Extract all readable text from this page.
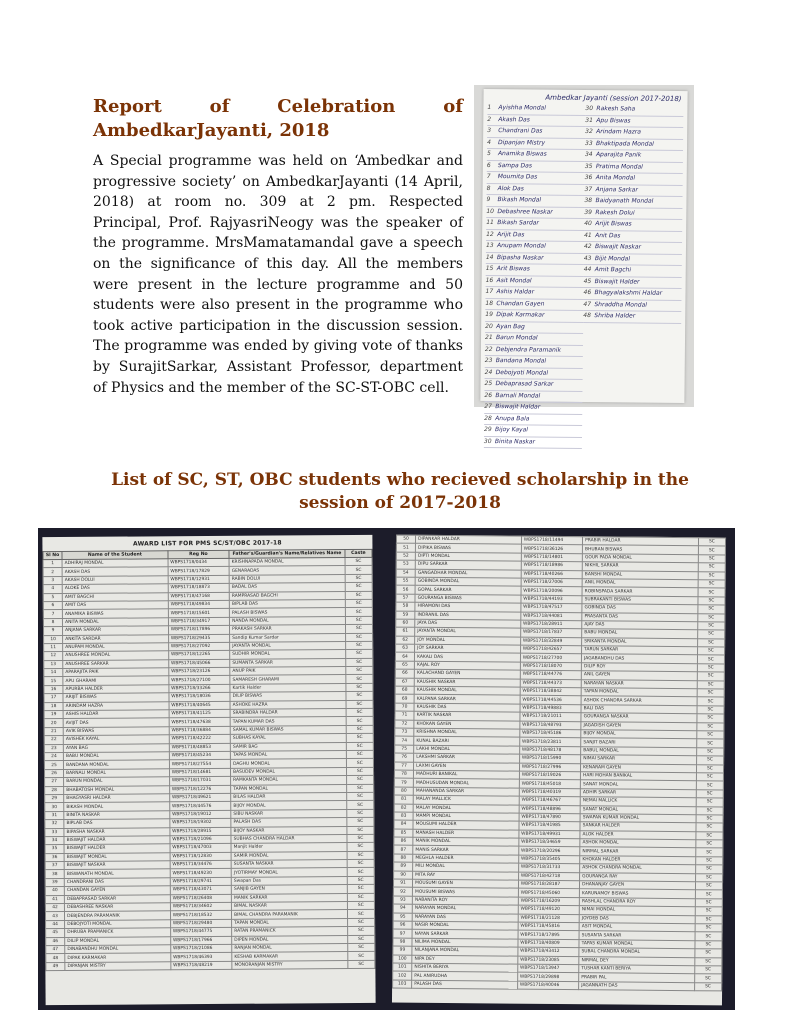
Report of Celebration of AmbedkarJayanti, 2018

A Special programme was held on ‘Ambedkar and progressive society’ on AmbedkarJayanti (14 April, 2018) at room no. 309 at 2 pm. Respected Principal, Prof. RajyasriNeogy was the speaker of the programme. MrsMamatamandal gave a speech on the significance of this day. All the members were present in the lecture programme and 50 students were also present in the programme who took active participation in the discussion session. The programme was ended by giving vote of thanks by SurajitSarkar, Assistant Professor, department of Physics and the member of the SC-ST-OBC cell.

Ambedkar Jayanti (session 2017-2018)
1 Ayishha Mondal
2 Akash Das
3 Chandrani Das
4 Dipanjan Mistry
5 Anamika Biswas
6 Sampa Das
7 Moumita Das
8 Alok Das
9 Bikash Mondal
10 Debashree Naskar
11 Bikash Sardar
12 Arijit Das
13 Anupam Mondal
14 Bipasha Naskar
15 Arit Biswas
16 Asit Mondal
17 Ashis Haldar
18 Chandan Gayen
19 Dipak Karmakar
20 Ayan Bag
21 Barun Mondal
22 Debjendra Paramanik
23 Bandana Mondal
24 Debojyoti Mondal
25 Debaprasad Sarkar
26 Barnali Mondal
27 Biswajit Haldar
28 Anupa Bala
29 Bijoy Kayal
30 Binita Naskar
30 Rakesh Saha
31 Apu Biswas
32 Arindam Hazra
33 Bhaktipada Mondal
34 Aparajita Panik
35 Pratima Mondal
36 Anita Mondal
37 Anjana Sarkar
38 Baidyanath Mondal
39 Rakesh Dolui
40 Arijit Biswas
41 Anit Das
42 Biswajit Naskar
43 Bijit Mondal
44 Amit Bagchi
45 Biswajit Halder
46 Bhagyalakshmi Haldar
47 Shraddha Mondal
48 Shriba Halder
List of SC, ST, OBC students who recieved scholarship in the session of 2017-2018
AWARD LIST FOR PMS SC/ST/OBC 2017-18
Sl No	Name of the Student	Reg No	Father's/Guardian's Name/Relatives Name	Caste
1	ADHIRAJ MONDAL	WBPS1718/0434	KRISHNAPADA MONDAL	SC
2	AKASH DAS	WBPS1718/17829	GENARADAS	SC
3	AKASH DOLUI	WBPS1718/12931	RABIN DOLUI	SC
4	ALOKE DAS	WBPS1718/18873	BADAL DAS	SC
5	AMIT BAGCHI	WBPS1718/47168	RAMPRASAD BAGCHI	SC
6	AMIT DAS	WBPS1718/49834	BIPLAB DAS	SC
7	ANAMIKA BISWAS	WBPS1718/15601	PALASH BISWAS	SC
8	ANITA MONDAL	WBPS1718/34917	NANDA MONDAL	SC
9	ANJANA SARKAR	WBPS1718/17896	PRAKASH SARKAR	SC
10	ANKITA SARDAR	WBPS1718/29435	Sandip Kumar Sardar	SC
11	ANUPAM MONDAL	WBPS1718/27092	JAYANTA MONDAL	SC
12	ANUSHREE MONDAL	WBPS1718/12265	SUDHIR MONDAL	SC
13	ANUSHREE SARKAR	WBPS1718/45066	SUMANTA SARKAR	SC
14	APARAJITA PAIK	WBPS1718/23126	ANUP PAIK	SC
15	APU GHARAMI	WBPS1718/27100	SAMARESH GHARAMI	SC
16	APURBA HALDER	WBPS1718/33266	Kartik Halder	SC
17	ARIJIT BISWAS	WBPS1718/18036	DILIP BISWAS	SC
18	ARINDAM HAZRA	WBPS1718/40645	ASHOKE HAZRA	SC
19	ASHIS HALDAR	WBPS1718/41125	SRABINDRA HALDAR	SC
20	AVIJIT DAS	WBPS1718/47638	TAPAN KUMAR DAS	SC
21	AVIK BISWAS	WBPS1718/36884	SAMAL KUMAR BISWAS	SC
22	AVISHEK KAYAL	WBPS1718/42222	SUBHAS KAYAL	SC
23	AYAN BAG	WBPS1718/48853	SAMIR BAG	SC
24	BABU MONDAL	WBPS1718/45234	TAPAS MONDAL	SC
25	BANDANA MONDAL	WBPS1718/27554	DAGHU MONDAL	SC
26	BARNALI MONDAL	WBPS1718/14681	BASUDEV MONDAL	SC
27	BARUN MONDAL	WBPS1718/17031	RAMKANTA MONDAL	SC
28	BHABATOSH MONDAL	WBPS1718/12276	TAPAN MONDAL	SC
29	BHAGYASRI HALDAR	WBPS1718/49621	BILAS HALDAR	SC
30	BIKASH MONDAL	WBPS1718/44576	BIJOY MONDAL	SC
31	BINITA NASKAR	WBPS1718/19012	SIBU NASKAR	SC
32	BIPLAB DAS	WBPS1718/19302	PALASH DAS	SC
33	BIPASHA NASKAR	WBPS1718/28915	BIJOY NASKAR	SC
34	BISWAJIT HALDAR	WBPS1718/21096	SUBHAS CHANDRA HALDAR	SC
35	BISWAJIT HALDER	WBPS1718/47003	Manjit Halder	SC
36	BISWAJIT MONDAL	WBPS1718/12830	SAMIR MONDAL	SC
37	BISWAJIT NASKAR	WBPS1718/34476	SUSANTA NASKAR	SC
38	BISWANATH MONDAL	WBPS1718/49230	JYOTIRMAY MONDAL	SC
39	CHANDRANI DAS	WBPS1718/29741	Swapan Das	SC
40	CHANDAN GAYEN	WBPS1718/43071	SANJIB GAYEN	SC
41	DEBAPRASAD SARKAR	WBPS1718/26408	MANIK SARKAR	SC
42	DEBASHREE NASKAR	WBPS1718/34602	BIMAL NASKAR	SC
43	DEBJENDRA PARAMANIK	WBPS1718/18532	BIMAL CHANDRA PARAMANIK	SC
44	DEBOJYOTI MONDAL	WBPS1718/29480	TAPAN MONDAL	SC
45	DHRUBA PRAMANICK	WBPS1718/44775	RATAN PRAMANICK	SC
46	DILIP MONDAL	WBPS1718/17966	DIPEN MONDAL	SC
47	DINABANDHU MONDAL	WBPS1718/21086	RANJAN MONDAL	SC
48	DIPAK KARMAKAR	WBPS1718/46393	KESHAB KARMAKAR	SC
49	DIPANJAN MISTRY	WBPS1718/48219	MONORANJAN MISTRY	SC
50	DIPANKAR HALDAR	WBPS1718/11494	PRABIR HALDAR	SC
51	DIPIKA BISWAS	WBPS1718/36126	BHUBAN BISWAS	SC
52	DIPTI MONDAL	WBPS1718/14801	GOUR PADA MONDAL	SC
53	DIPU SARKAR	WBPS1718/18986	NIKHIL SARKAR	SC
54	GANGADHAR MONDAL	WBPS1718/40266	BANSHI MONDAL	SC
55	GOBINDA MONDAL	WBPS1718/27006	ANIL MONDAL	SC
56	GOPAL SARKAR	WBPS1718/20096	ROBINSPADA SARKAR	SC
57	GOURANGA BISWAS	WBPS1718/44193	SUBRAKANTI BISWAS	SC
58	HIRAMONI DAS	WBPS1718/47517	GOBINDA DAS	SC
59	INDRANIL DAS	WBPS1718/44081	PRASANTA DAS	SC
60	JAYA DAS	WBPS1718/28911	AJAY DAS	SC
61	JAYANTA MONDAL	WBPS1718/17837	BABU MONDAL	SC
62	JOY MONDAL	WBPS1718/32849	SRIKANTA MONDAL	SC
63	JOY SARKAR	WBPS1718/42657	TARUN SARKAR	SC
64	KAKALI DAS	WBPS1718/27700	JAGABANDHU DAS	SC
65	KAJAL ROY	WBPS1718/18070	DILIP ROY	SC
66	KALACHAND GAYEN	WBPS1718/44776	ANIL GAYEN	SC
67	KAUSHIK NASKAR	WBPS1718/44373	NARAYAN NASKAR	SC
68	KAUSHIK MONDAL	WBPS1718/38842	TAPAN MONDAL	SC
69	KALPANA SARKAR	WBPS1718/44536	ASHOK CHANDRA SARKAR	SC
70	KAUSHIK DAS	WBPS1718/49883	BALI DAS	SC
71	KARTIK NASKAR	WBPS1718/21011	GOURANGA NASKAR	SC
72	KHOKAN GAYEN	WBPS1718/48793	JAGADISH GAYEN	SC
73	KRISHNA MONDAL	WBPS1718/45186	BIJOY MONDAL	SC
74	KUNAL BAZARI	WBPS1718/23811	SANJIT BAZARI	SC
75	LAKHI MONDAL	WBPS1718/48178	BABUL MONDAL	SC
76	LAKSHMI SARKAR	WBPS1718/15990	NIMAI SARKAR	SC
77	LAXMI GAYEN	WBPS1718/27996	KENARAM GAYEN	SC
78	MADHURI BANIKAL	WBPS1718/19026	HARI MOHAN BANIKAL	SC
79	MADHUSUDAN MONDAL	WBPS1718/45018	SANAT MONDAL	SC
80	MAHANANDA SARKAR	WBPS1718/40319	ADHIR SARKAR	SC
81	MALAY MALLICK	WBPS1718/46767	NEMAI MALLICK	SC
82	MALAY MONDAL	WBPS1718/48896	SANAT MONDAL	SC
83	MAMPI MONDAL	WBPS1718/47890	SWAPAN KUMAR MONDAL	SC
84	MOUSUMI HALDER	WBPS1718/41985	SANKAR HALDER	SC
85	MANASH HALDER	WBPS1718/49931	ALOK HALDER	SC
86	MANIK MONDAL	WBPS1718/34659	ASHOK MONDAL	SC
87	MANIS SARKAR	WBPS1718/20296	NIRMAL SARKAR	SC
88	MEGHLA HALDER	WBPS1718/35405	KHOKAN HALDER	SC
89	MILI MONDAL	WBPS1718/31733	ASHOK CHANDRA MONDAL	SC
90	MITA RAY	WBPS1718/42718	GOURANGA RAY	SC
91	MOUSUMI GAYEN	WBPS1718/28187	DHANANJAY GAYEN	SC
92	MOUSUMI BISWAS	WBPS1718/45060	KARUNAMOY BISWAS	SC
93	NABANITA ROY	WBPS1718/16209	RASHLAL CHANDRA ROY	SC
94	NARAYAN MONDAL	WBPS1718/49120	NIMAI MONDAL	SC
95	NARAYAN DAS	WBPS1718/21128	JOYDEB DAS	SC
96	NASIR MONDAL	WBPS1718/45816	ASIT MONDAL	SC
97	NAYAN SARKAR	WBPS1718/17895	SUSANTA SARKAR	SC
98	NILIMA MONDAL	WBPS1718/40809	TAPAS KUMAR MONDAL	SC
99	NILANJANA MONDAL	WBPS1718/43412	SUBAL CHANDRA MONDAL	SC
100	NIPA DEY	WBPS1718/23085	NIRMAL DEY	SC
101	NISHITA BERIYA	WBPS1718/13947	TUSHAR KANTI BERIYA	SC
102	PAL ANIRUDHA	WBPS1718/29898	PRABIR PAL	SC
103	PALASH DAS	WBPS1718/40046	JAGANNATH DAS	SC
